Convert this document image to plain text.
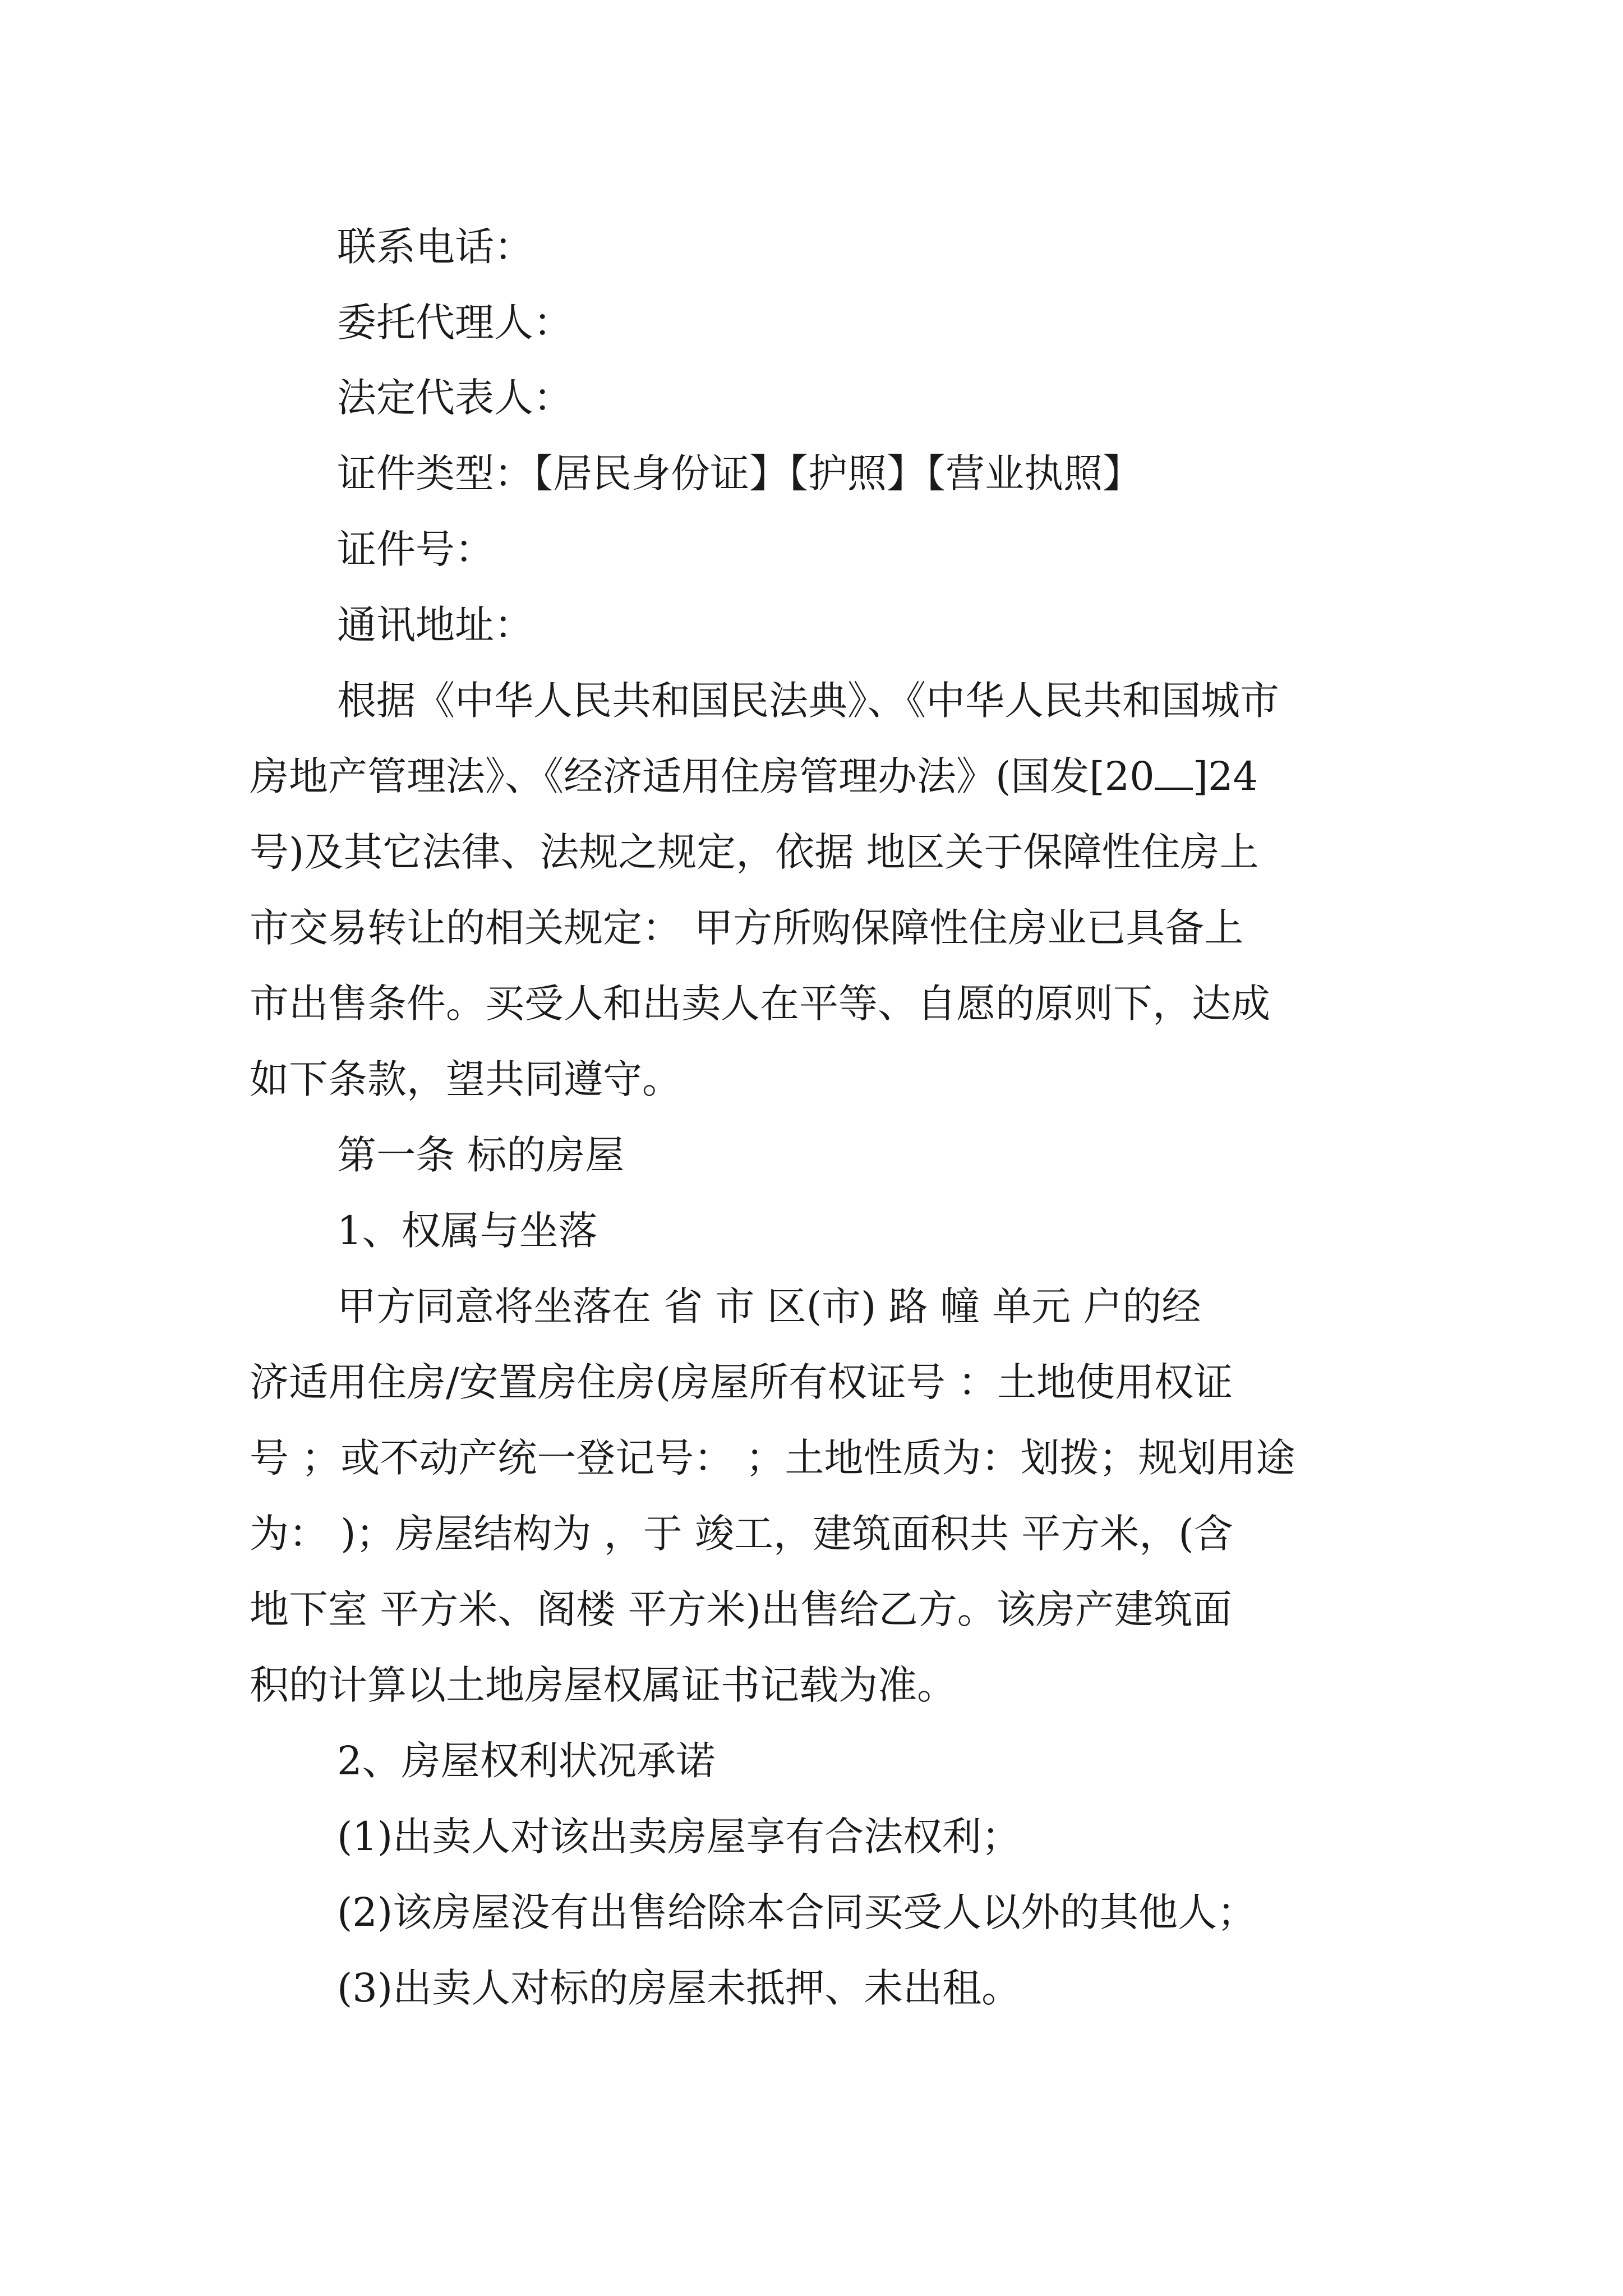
联系电话：

委托代理人：

法定代表人：

证件类型：【居民身份证】【护照】【营业执照】

证件号：

通讯地址：

根据《中华人民共和国民法典》、《中华人民共和国城市

房地产管理法》、《经济适用住房管理办法》(国发[20 ]24

号)及其它法律、法规之规定，依据 地区关于保障性住房上

市交易转让的相关规定： 甲方所购保障性住房业已具备上

市出售条件。买受人和出卖人在平等、自愿的原则下，达成

如下条款，望共同遵守。

第一条 标的房屋

1、权属与坐落

甲方同意将坐落在 省 市 区(市) 路 幢 单元 户的经

济适用住房/安置房住房(房屋所有权证号 ：土地使用权证

号 ；或不动产统一登记号： ；土地性质为：划拨；规划用途

为： )；房屋结构为 ，于 竣工，建筑面积共 平方米，(含

地下室 平方米、阁楼 平方米)出售给乙方。该房产建筑面

积的计算以土地房屋权属证书记载为准。

2、房屋权利状况承诺

(1)出卖人对该出卖房屋享有合法权利；

(2)该房屋没有出售给除本合同买受人以外的其他人；

(3)出卖人对标的房屋未抵押、未出租。
